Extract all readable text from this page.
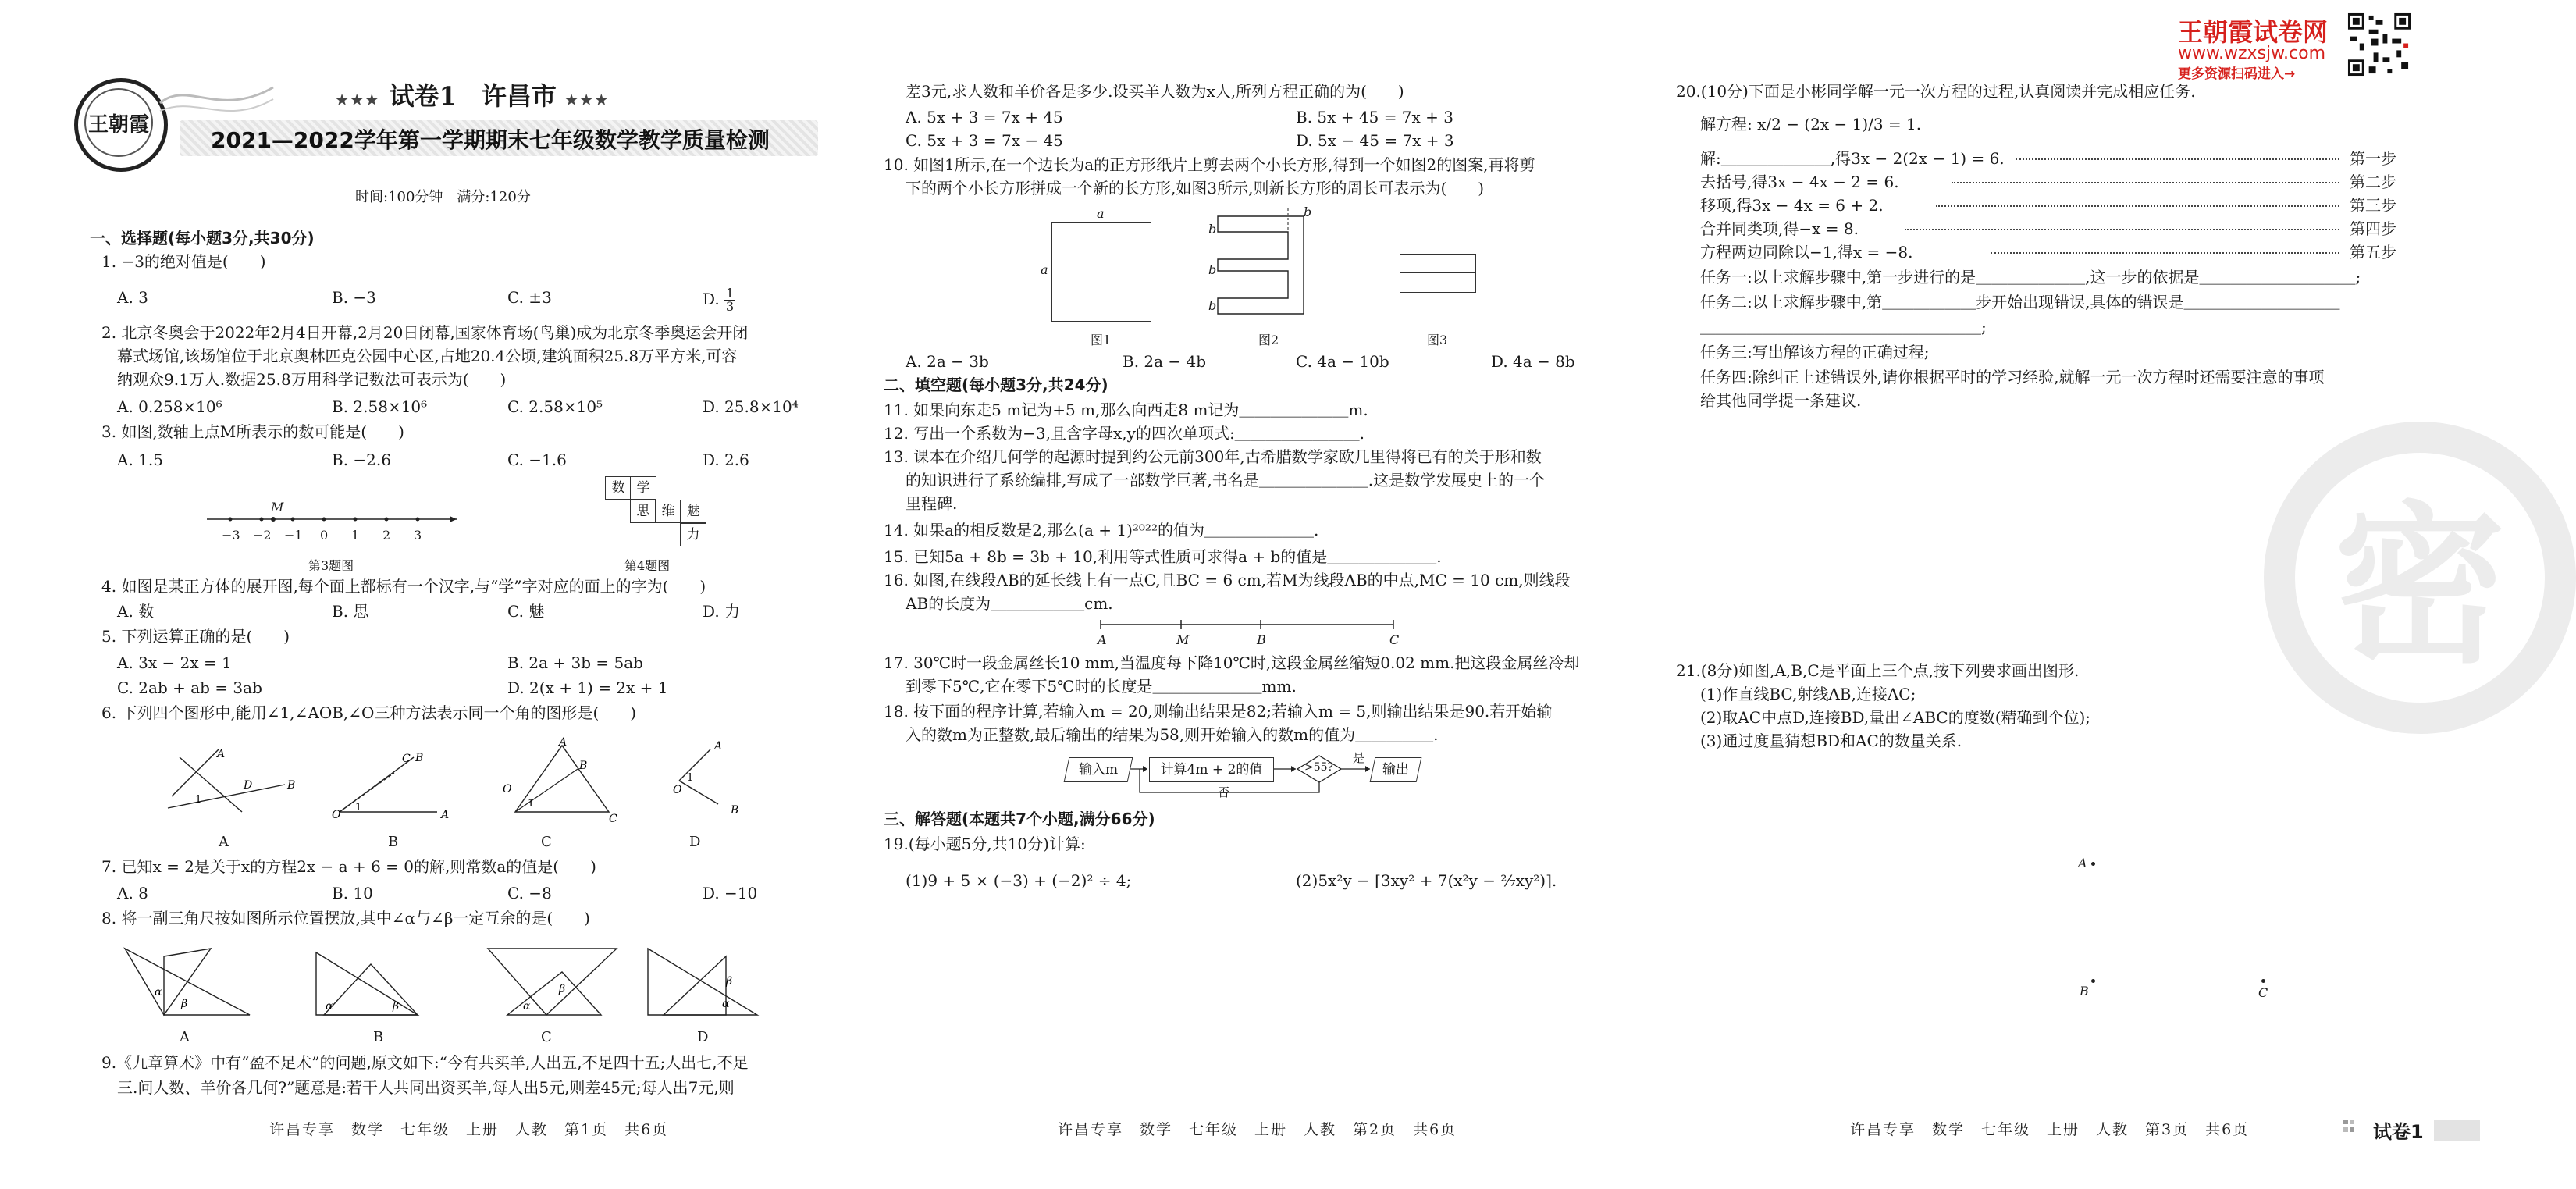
王朝霞试卷网
www.wzxsjw.com
更多资源扫码进入→
密
王朝霞
★★★ 试卷1　许昌市 ★★★
2021—2022学年第一学期期末七年级数学教学质量检测
时间:100分钟　满分:120分
一、选择题(每小题3分,共30分)
1. −3的绝对值是(　　)
A. 3	B. −3	C. ±3	D. $\frac{1}{3}$
2. 北京冬奥会于2022年2月4日开幕,2月20日闭幕,国家体育场(鸟巢)成为北京冬季奥运会开闭
幕式场馆,该场馆位于北京奥林匹克公园中心区,占地20.4公顷,建筑面积25.8万平方米,可容
纳观众9.1万人.数据25.8万用科学记数法可表示为(　　)
A. 0.258×10⁶	B. 2.58×10⁶	C. 2.58×10⁵	D. 25.8×10⁴
3. 如图,数轴上点M所表示的数可能是(　　)
A. 1.5	B. −2.6	C. −1.6	D. 2.6
M
−3 −2 −1 0 1 2 3
第3题图
数 学
思 维 魅
力
第4题图
4. 如图是某正方体的展开图,每个面上都标有一个汉字,与“学”字对应的面上的字为(　　)
A. 数	B. 思	C. 魅	D. 力
5. 下列运算正确的是(　　)
A. 3x − 2x = 1	B. 2a + 3b = 5ab
C. 2ab + ab = 3ab	D. 2(x + 1) = 2x + 1
6. 下列四个图形中,能用∠1,∠AOB,∠O三种方法表示同一个角的图形是(　　)
A
D	B
1
C B
O	A
1
A
B
O
C
1
A
O
B
1
A	B	C	D
7. 已知x = 2是关于x的方程2x − a + 6 = 0的解,则常数a的值是(　　)
A. 8	B. 10	C. −8	D. −10
8. 将一副三角尺按如图所示位置摆放,其中∠α与∠β一定互余的是(　　)
α
β	α	β	α
β
β
α
A	B	C	D
9.《九章算术》中有“盈不足术”的问题,原文如下:“今有共买羊,人出五,不足四十五;人出七,不足
三.问人数、羊价各几何?”题意是:若干人共同出资买羊,每人出5元,则差45元;每人出7元,则
许昌专享　数学　七年级　上册　人教　第1页　共6页
差3元,求人数和羊价各是多少.设买羊人数为x人,所列方程正确的为(　　)
A. 5x + 3 = 7x + 45	B. 5x + 45 = 7x + 3
C. 5x + 3 = 7x − 45	D. 5x − 45 = 7x + 3
10. 如图1所示,在一个边长为a的正方形纸片上剪去两个小长方形,得到一个如图2的图案,再将剪
下的两个小长方形拼成一个新的长方形,如图3所示,则新长方形的周长可表示为(　　)
a
a
图1
b
b
b
b
图2	图3
A. 2a − 3b	B. 2a − 4b	C. 4a − 10b	D. 4a − 8b
二、填空题(每小题3分,共24分)
11. 如果向东走5 m记为+5 m,那么向西走8 m记为＿＿＿＿＿＿＿m.
12. 写出一个系数为−3,且含字母x,y的四次单项式:＿＿＿＿＿＿＿＿.
13. 课本在介绍几何学的起源时提到约公元前300年,古希腊数学家欧几里得将已有的关于形和数
的知识进行了系统编排,写成了一部数学巨著,书名是＿＿＿＿＿＿＿.这是数学发展史上的一个
里程碑.
14. 如果a的相反数是2,那么(a + 1)²⁰²²的值为＿＿＿＿＿＿＿.
15. 已知5a + 8b = 3b + 10,利用等式性质可求得a + b的值是＿＿＿＿＿＿＿.
16. 如图,在线段AB的延长线上有一点C,且BC = 6 cm,若M为线段AB的中点,MC = 10 cm,则线段
AB的长度为＿＿＿＿＿＿cm.
A	M	B	C
17. 30℃时一段金属丝长10 mm,当温度每下降10℃时,这段金属丝缩短0.02 mm.把这段金属丝冷却
到零下5℃,它在零下5℃时的长度是＿＿＿＿＿＿＿mm.
18. 按下面的程序计算,若输入m = 20,则输出结果是82;若输入m = 5,则输出结果是90.若开始输
入的数m为正整数,最后输出的结果为58,则开始输入的数m的值为＿＿＿＿＿.
输入m	计算4m + 2的值	>55?
是
否
输出
三、解答题(本题共7个小题,满分66分)
19.(每小题5分,共10分)计算:
(1)9 + 5 × (−3) + (−2)² ÷ 4;	(2)5x²y − [3xy² + 7(x²y − ²⁄₇xy²)].
许昌专享　数学　七年级　上册　人教　第2页　共6页
20.(10分)下面是小彬同学解一元一次方程的过程,认真阅读并完成相应任务.
解方程: x/2 − (2x − 1)/3 = 1.
解:＿＿＿＿＿＿＿,得3x − 2(2x − 1) = 6.	第一步
去括号,得3x − 4x − 2 = 6.	第二步
移项,得3x − 4x = 6 + 2.	第三步
合并同类项,得−x = 8.	第四步
方程两边同除以−1,得x = −8.	第五步
任务一:以上求解步骤中,第一步进行的是＿＿＿＿＿＿＿,这一步的依据是＿＿＿＿＿＿＿＿＿＿;
任务二:以上求解步骤中,第＿＿＿＿＿＿步开始出现错误,具体的错误是＿＿＿＿＿＿＿＿＿＿
＿＿＿＿＿＿＿＿＿＿＿＿＿＿＿＿＿＿;
任务三:写出解该方程的正确过程;
任务四:除纠正上述错误外,请你根据平时的学习经验,就解一元一次方程时还需要注意的事项
给其他同学提一条建议.
21.(8分)如图,A,B,C是平面上三个点,按下列要求画出图形.
(1)作直线BC,射线AB,连接AC;
(2)取AC中点D,连接BD,量出∠ABC的度数(精确到个位);
(3)通过度量猜想BD和AC的数量关系.
A
B	C
许昌专享　数学　七年级　上册　人教　第3页　共6页	试卷1
